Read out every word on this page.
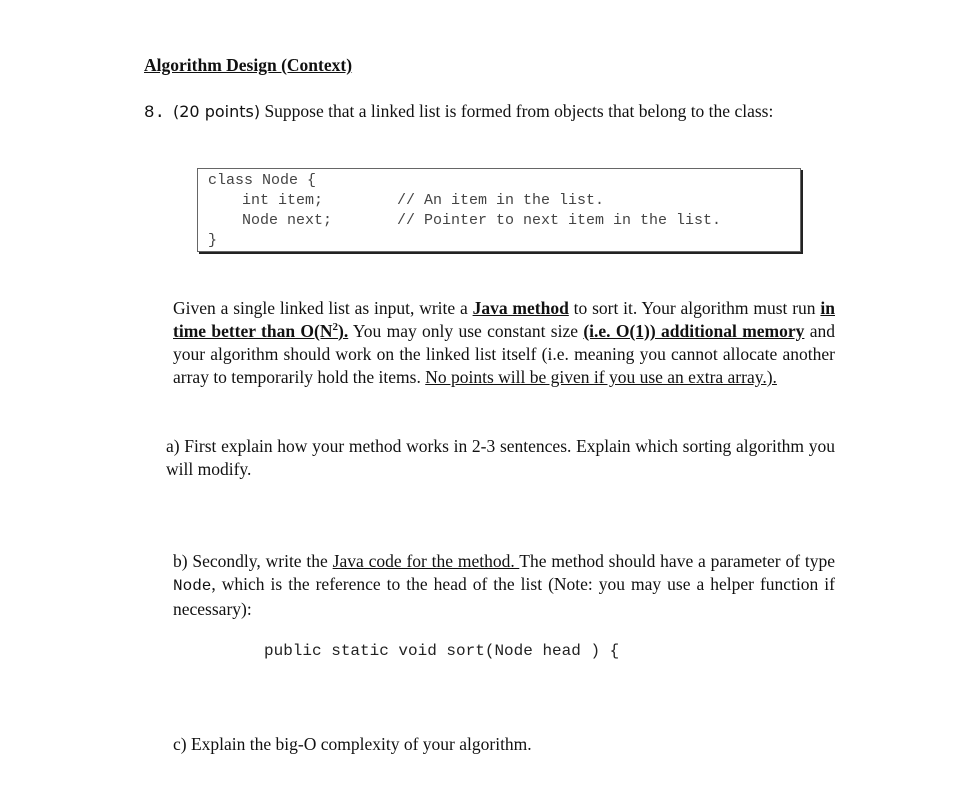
Algorithm Design (Context)
8. (20 points) Suppose that a linked list is formed from objects that belong to the class:
class Node {
int item;	// An item in the list.
Node next;	// Pointer to next item in the list.
}
Given a single linked list as input, write a Java method to sort it. Your algorithm must run in time better than $O(N^2)$. You may only use constant size (i.e. O(1)) additional memory and your algorithm should work on the linked list itself (i.e. meaning you cannot allocate another array to temporarily hold the items. No points will be given if you use an extra array.).
a) First explain how your method works in 2-3 sentences. Explain which sorting algorithm you will modify.
b) Secondly, write the Java code for the method. The method should have a parameter of type Node, which is the reference to the head of the list (Note: you may use a helper function if necessary):
public static void sort(Node head ) {
c) Explain the big-O complexity of your algorithm.
